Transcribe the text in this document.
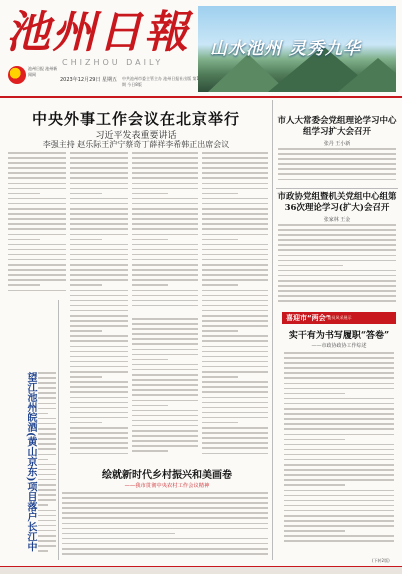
池州日報
CHIZHOU DAILY
山水池州 灵秀九华
池州日报 池州新闻网
2023年12月29日 星期五 中共池州市委主管主办 池州日报社出版 第1期 今日8版
中央外事工作会议在北京举行
习近平发表重要讲话
李强主持 赵乐际王沪宁蔡奇丁薛祥李希韩正出席会议
市人大常委会党组理论学习中心组学习扩大会召开
张丹 王小新
市政协党组暨机关党组中心组第36次理论学习(扩大)会召开
张家林 王金
喜迎市“两会”
· 委员风采展示
实干有为书写履职“答卷”
——市政协政协工作综述
(下转2版)
望江池州皖酒(黄山京东)项目落户长江中	绘就新时代乡村振兴和美画卷
——我市贯彻中央农村工作会议精神
